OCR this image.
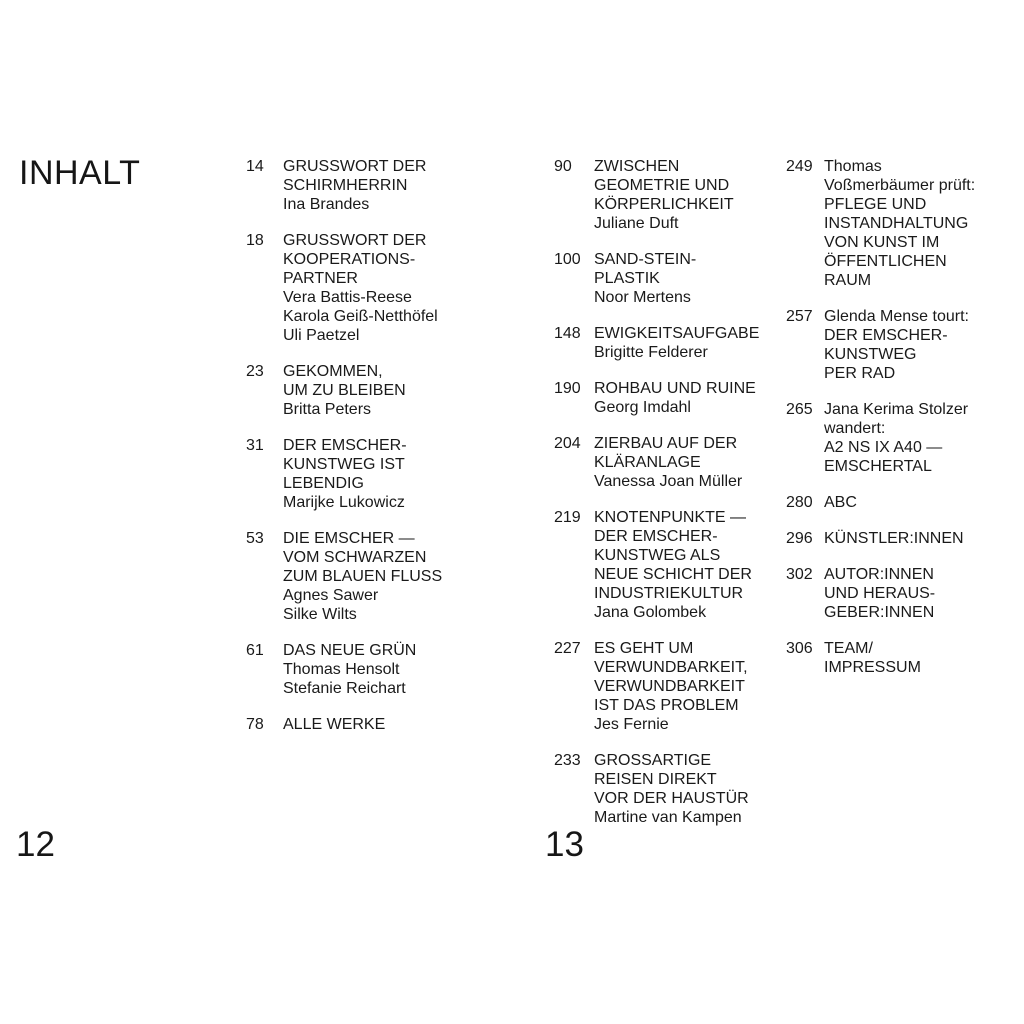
INHALT	14	GRUSSWORT DER
SCHIRMHERRIN
Ina Brandes
18	GRUSSWORT DER
KOOPERATIONS-
PARTNER
Vera Battis-Reese
Karola Geiß-Netthöfel
Uli Paetzel
23	GEKOMMEN,
UM ZU BLEIBEN
Britta Peters
31	DER EMSCHER-
KUNSTWEG IST
LEBENDIG
Marijke Lukowicz
53	DIE EMSCHER —
VOM SCHWARZEN
ZUM BLAUEN FLUSS
Agnes Sawer
Silke Wilts
61	DAS NEUE GRÜN
Thomas Hensolt
Stefanie Reichart
78	ALLE WERKE
90	ZWISCHEN
GEOMETRIE UND
KÖRPERLICHKEIT
Juliane Duft
100 SAND-STEIN-
PLASTIK
Noor Mertens
148 EWIGKEITSAUFGABE
Brigitte Felderer
190 ROHBAU UND RUINE
Georg Imdahl
204 ZIERBAU AUF DER
KLÄRANLAGE
Vanessa Joan Müller
219 KNOTENPUNKTE —
DER EMSCHER-
KUNSTWEG ALS
NEUE SCHICHT DER
INDUSTRIEKULTUR
Jana Golombek
227 ES GEHT UM
VERWUNDBARKEIT,
VERWUNDBARKEIT
IST DAS PROBLEM
Jes Fernie
233 GROSSARTIGE
REISEN DIREKT
VOR DER HAUSTÜR
Martine van Kampen
249 Thomas
Voßmerbäumer prüft:
PFLEGE UND
INSTANDHALTUNG
VON KUNST IM
ÖFFENTLICHEN
RAUM
257 Glenda Mense tourt:
DER EMSCHER-
KUNSTWEG
PER RAD
265 Jana Kerima Stolzer
wandert:
A2 NS IX A40 —
EMSCHERTAL
280 ABC
296 KÜNSTLER:INNEN
302 AUTOR:INNEN
UND HERAUS-
GEBER:INNEN
306 TEAM/
IMPRESSUM
12	13
